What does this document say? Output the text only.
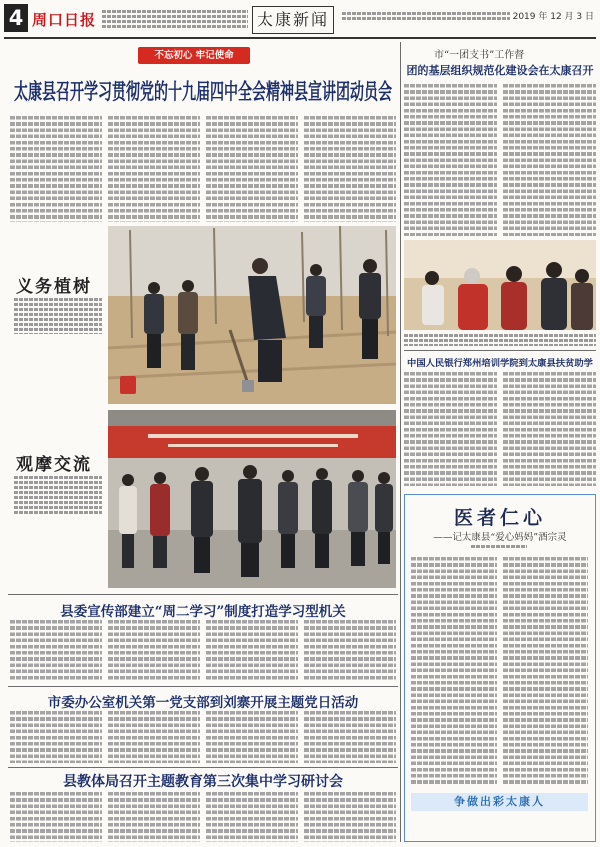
4 周口日报	太康新闻	2019 年 12 月 3 日
不忘初心 牢记使命
太康县召开学习贯彻党的十九届四中全会精神县宣讲团动员会
义务植树
观摩交流
县委宣传部建立“周二学习”制度打造学习型机关
市委办公室机关第一党支部到刘寨开展主题党日活动
县教体局召开主题教育第三次集中学习研讨会
市“一团支书”工作督
团的基层组织规范化建设会在太康召开
中国人民银行郑州培训学院到太康县扶贫助学
医者仁心
——记太康县“爱心妈妈”酒宗灵
争做出彩太康人
